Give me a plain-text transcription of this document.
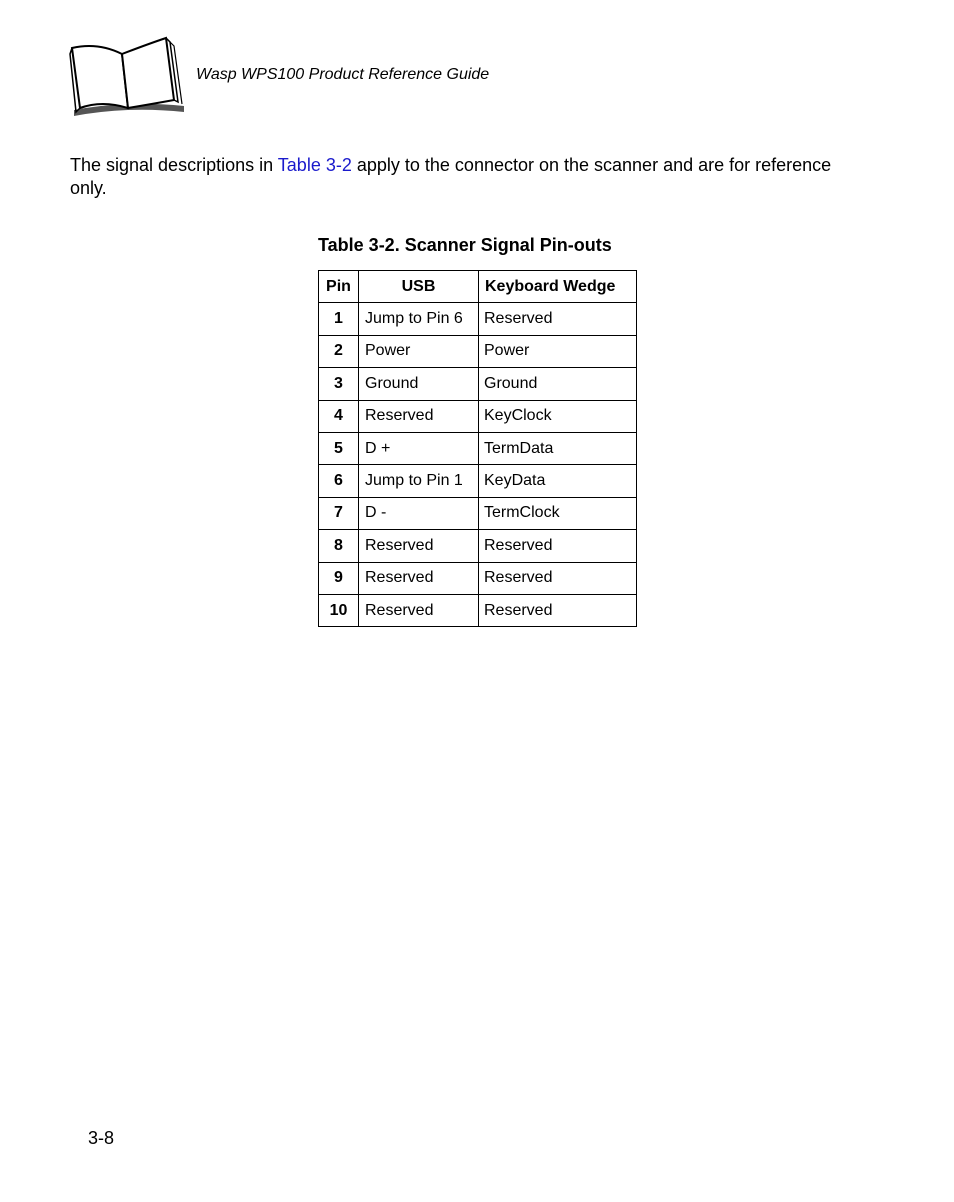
Wasp WPS100 Product Reference Guide

The signal descriptions in Table 3-2 apply to the connector on the scanner and are for reference only.

Table 3-2. Scanner Signal Pin-outs
Pin	USB	Keyboard Wedge
1	Jump to Pin 6	Reserved
2	Power	Power
3	Ground	Ground
4	Reserved	KeyClock
5	D +	TermData
6	Jump to Pin 1	KeyData
7	D -	TermClock
8	Reserved	Reserved
9	Reserved	Reserved
10	Reserved	Reserved
3-8
